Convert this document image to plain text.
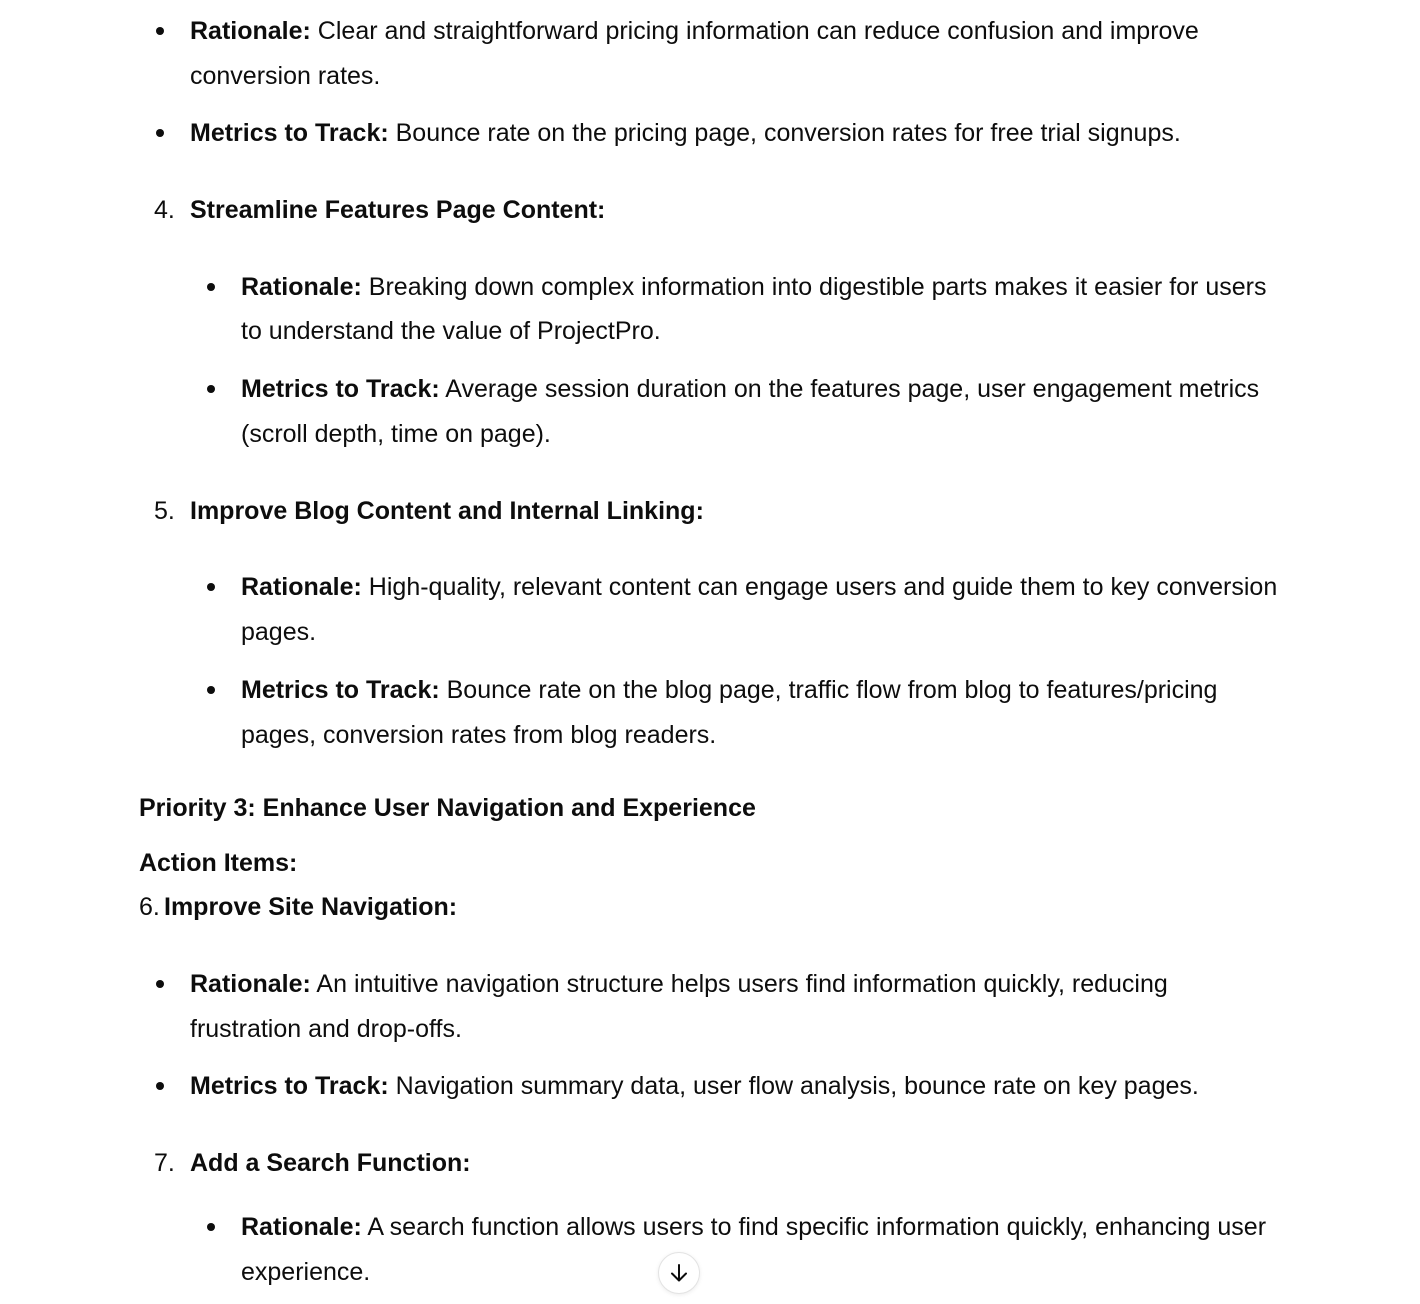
Rationale: Clear and straightforward pricing information can reduce confusion and improve
conversion rates.
Metrics to Track: Bounce rate on the pricing page, conversion rates for free trial signups.
4. Streamline Features Page Content:
Rationale: Breaking down complex information into digestible parts makes it easier for users
to understand the value of ProjectPro.
Metrics to Track: Average session duration on the features page, user engagement metrics
(scroll depth, time on page).
5. Improve Blog Content and Internal Linking:
Rationale: High-quality, relevant content can engage users and guide them to key conversion
pages.
Metrics to Track: Bounce rate on the blog page, traffic flow from blog to features/pricing
pages, conversion rates from blog readers.
Priority 3: Enhance User Navigation and Experience
Action Items:
6. Improve Site Navigation:
Rationale: An intuitive navigation structure helps users find information quickly, reducing
frustration and drop-offs.
Metrics to Track: Navigation summary data, user flow analysis, bounce rate on key pages.
7. Add a Search Function:
Rationale: A search function allows users to find specific information quickly, enhancing user
experience.
